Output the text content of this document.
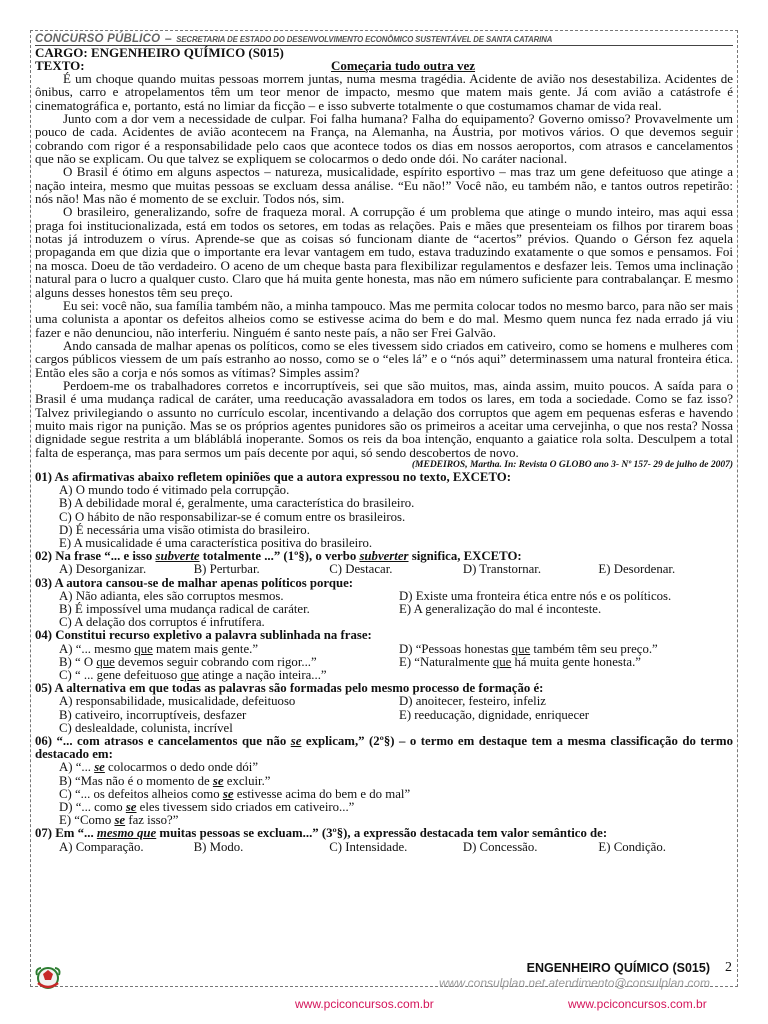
CONCURSO PÚBLICO – SECRETARIA DE ESTADO DO DESENVOLVIMENTO ECONÔMICO SUSTENTÁVEL DE SANTA CATARINA
CARGO: ENGENHEIRO QUÍMICO (S015)
TEXTO:	Começaria tudo outra vez

É um choque quando muitas pessoas morrem juntas, numa mesma tragédia. Acidente de avião nos desestabiliza. Acidentes de ônibus, carro e atropelamentos têm um teor menor de impacto, mesmo que matem mais gente. Já com avião a catástrofe é cinematográfica e, portanto, está no limiar da ficção – e isso subverte totalmente o que costumamos chamar de vida real.

Junto com a dor vem a necessidade de culpar. Foi falha humana? Falha do equipamento? Governo omisso? Provavelmente um pouco de cada. Acidentes de avião acontecem na França, na Alemanha, na Áustria, por motivos vários. O que devemos seguir cobrando com rigor é a responsabilidade pelo caos que acontece todos os dias em nossos aeroportos, com atrasos e cancelamentos que não se explicam. Ou que talvez se expliquem se colocarmos o dedo onde dói. No caráter nacional.

O Brasil é ótimo em alguns aspectos – natureza, musicalidade, espírito esportivo – mas traz um gene defeituoso que atinge a nação inteira, mesmo que muitas pessoas se excluam dessa análise. “Eu não!” Você não, eu também não, e tantos outros repetirão: nós não! Mas não é momento de se excluir. Todos nós, sim.

O brasileiro, generalizando, sofre de fraqueza moral. A corrupção é um problema que atinge o mundo inteiro, mas aqui essa praga foi institucionalizada, está em todos os setores, em todas as relações. Pais e mães que presenteiam os filhos por tirarem boas notas já introduzem o vírus. Aprende-se que as coisas só funcionam diante de “acertos” prévios. Quando o Gérson fez aquela propaganda em que dizia que o importante era levar vantagem em tudo, estava traduzindo exatamente o que somos e pensamos. Foi na mosca. Doeu de tão verdadeiro. O aceno de um cheque basta para flexibilizar regulamentos e desfazer leis. Temos uma inclinação natural para o lucro a qualquer custo. Claro que há muita gente honesta, mas não em número suficiente para contrabalançar. E mesmo alguns desses honestos têm seu preço.

Eu sei: você não, sua família também não, a minha tampouco. Mas me permita colocar todos no mesmo barco, para não ser mais uma colunista a apontar os defeitos alheios como se estivesse acima do bem e do mal. Mesmo quem nunca fez nada errado já viu fazer e não denunciou, não interferiu. Ninguém é santo neste país, a não ser Frei Galvão.

Ando cansada de malhar apenas os políticos, como se eles tivessem sido criados em cativeiro, como se homens e mulheres com cargos públicos viessem de um país estranho ao nosso, como se o “eles lá” e o “nós aqui” determinassem uma natural fronteira ética. Então eles são a corja e nós somos as vítimas? Simples assim?

Perdoem-me os trabalhadores corretos e incorruptíveis, sei que são muitos, mas, ainda assim, muito poucos. A saída para o Brasil é uma mudança radical de caráter, uma reeducação avassaladora em todos os lares, em toda a sociedade. Como se faz isso? Talvez privilegiando o assunto no currículo escolar, incentivando a delação dos corruptos que agem em pequenas esferas e havendo muito mais rigor na punição. Mas se os próprios agentes punidores são os primeiros a aceitar uma cervejinha, o que nos resta? Nossa dignidade segue restrita a um blábláblá inoperante. Somos os reis da boa intenção, enquanto a gaiatice rola solta. Desculpem a total falta de esperança, mas para sermos um país decente por aqui, só sendo descobertos de novo.

(MEDEIROS, Martha. In: Revista O GLOBO ano 3- Nº 157- 29 de julho de 2007)
01) As afirmativas abaixo refletem opiniões que a autora expressou no texto, EXCETO:
A) O mundo todo é vitimado pela corrupção.
B) A debilidade moral é, geralmente, uma característica do brasileiro.
C) O hábito de não responsabilizar-se é comum entre os brasileiros.
D) É necessária uma visão otimista do brasileiro.
E) A musicalidade é uma característica positiva do brasileiro.
02) Na frase “... e isso subverte totalmente ...” (1º§), o verbo subverter significa, EXCETO:
A) Desorganizar.	B) Perturbar.	C) Destacar.	D) Transtornar.	E) Desordenar.
03) A autora cansou-se de malhar apenas políticos porque:
A) Não adianta, eles são corruptos mesmos.	D) Existe uma fronteira ética entre nós e os políticos.
B) É impossível uma mudança radical de caráter.	E) A generalização do mal é inconteste.
C) A delação dos corruptos é infrutífera.
04) Constitui recurso expletivo a palavra sublinhada na frase:
A) “... mesmo que matem mais gente.”	D) “Pessoas honestas que também têm seu preço.”
B) “ O que devemos seguir cobrando com rigor...”	E) “Naturalmente que há muita gente honesta.”
C) “ ... gene defeituoso que atinge a nação inteira...”
05) A alternativa em que todas as palavras são formadas pelo mesmo processo de formação é:
A) responsabilidade, musicalidade, defeituoso	D) anoitecer, festeiro, infeliz
B) cativeiro, incorruptíveis, desfazer	E) reeducação, dignidade, enriquecer
C) deslealdade, colunista, incrível
06) “... com atrasos e cancelamentos que não se explicam,” (2º§) – o termo em destaque tem a mesma classificação do termo destacado em:
A) “... se colocarmos o dedo onde dói”
B) “Mas não é o momento de se excluir.”
C) “... os defeitos alheios como se estivesse acima do bem e do mal”
D) “... como se eles tivessem sido criados em cativeiro...”
E) “Como se faz isso?”
07) Em “... mesmo que muitas pessoas se excluam...” (3º§), a expressão destacada tem valor semântico de:
A) Comparação.	B) Modo.	C) Intensidade.	D) Concessão.	E) Condição.
ENGENHEIRO QUÍMICO (S015) 2
www.consulplan.net atendimento@consulplan.com
www.pciconcursos.com.br	www.pciconcursos.com.br
